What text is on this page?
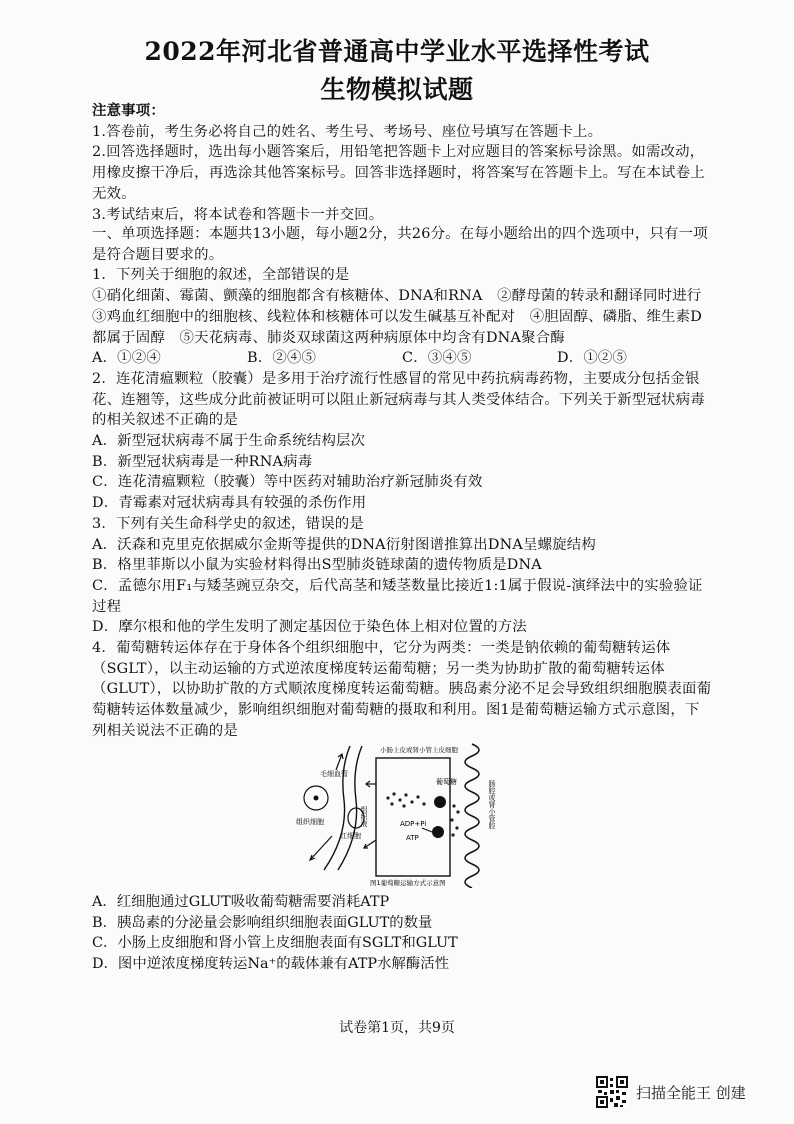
2022年河北省普通高中学业水平选择性考试
生物模拟试题

注意事项：

1.答卷前，考生务必将自己的姓名、考生号、考场号、座位号填写在答题卡上。

2.回答选择题时，选出每小题答案后，用铅笔把答题卡上对应题目的答案标号涂黑。如需改动，用橡皮擦干净后，再选涂其他答案标号。回答非选择题时，将答案写在答题卡上。写在本试卷上无效。

3.考试结束后，将本试卷和答题卡一并交回。

一、单项选择题：本题共13小题，每小题2分，共26分。在每小题给出的四个选项中，只有一项是符合题目要求的。

1．下列关于细胞的叙述，全部错误的是

①硝化细菌、霉菌、颤藻的细胞都含有核糖体、DNA和RNA　②酵母菌的转录和翻译同时进行　③鸡血红细胞中的细胞核、线粒体和核糖体可以发生碱基互补配对　④胆固醇、磷脂、维生素D都属于固醇　⑤天花病毒、肺炎双球菌这两种病原体中均含有DNA聚合酶

A．①②④	B．②④⑤	C．③④⑤	D．①②⑤

2．连花清瘟颗粒（胶囊）是多用于治疗流行性感冒的常见中药抗病毒药物，主要成分包括金银花、连翘等，这些成分此前被证明可以阻止新冠病毒与其人类受体结合。下列关于新型冠状病毒的相关叙述不正确的是

A．新型冠状病毒不属于生命系统结构层次

B．新型冠状病毒是一种RNA病毒

C．连花清瘟颗粒（胶囊）等中医药对辅助治疗新冠肺炎有效

D．青霉素对冠状病毒具有较强的杀伤作用

3．下列有关生命科学史的叙述，错误的是

A．沃森和克里克依据威尔金斯等提供的DNA衍射图谱推算出DNA呈螺旋结构

B．格里菲斯以小鼠为实验材料得出S型肺炎链球菌的遗传物质是DNA

C．孟德尔用F₁与矮茎豌豆杂交，后代高茎和矮茎数量比接近1:1属于假说-演绎法中的实验验证过程

D．摩尔根和他的学生发明了测定基因位于染色体上相对位置的方法

4．葡萄糖转运体存在于身体各个组织细胞中，它分为两类：一类是钠依赖的葡萄糖转运体（SGLT），以主动运输的方式逆浓度梯度转运葡萄糖；另一类为协助扩散的葡萄糖转运体（GLUT），以协助扩散的方式顺浓度梯度转运葡萄糖。胰岛素分泌不足会导致组织细胞膜表面葡萄糖转运体数量减少，影响组织细胞对葡萄糖的摄取和利用。图1是葡萄糖运输方式示意图，下列相关说法不正确的是

毛细血管
小肠上皮或肾小管上皮细胞
葡萄糖	肠腔或肾小管腔
组织细胞	组织液
红细胞
ADP+Pi
ATP
图1葡萄糖运输方式示意图

A．红细胞通过GLUT吸收葡萄糖需要消耗ATP

B．胰岛素的分泌量会影响组织细胞表面GLUT的数量

C．小肠上皮细胞和肾小管上皮细胞表面有SGLT和GLUT

D．图中逆浓度梯度转运Na⁺的载体兼有ATP水解酶活性

试卷第1页，共9页
扫描全能王 创建
